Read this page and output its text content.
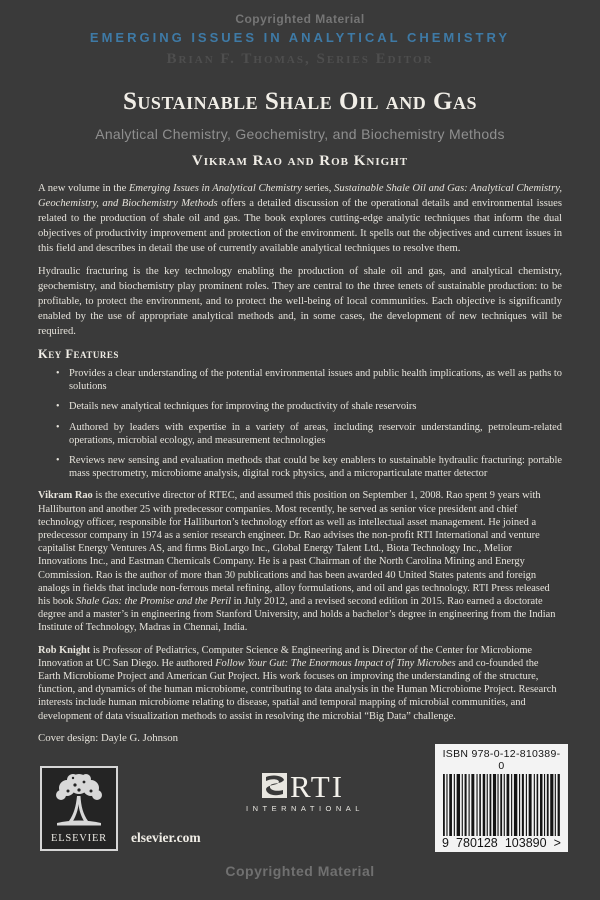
Copyrighted Material
EMERGING ISSUES IN ANALYTICAL CHEMISTRY
Brian F. Thomas, Series Editor
Sustainable Shale Oil and Gas
Analytical Chemistry, Geochemistry, and Biochemistry Methods
Vikram Rao and Rob Knight

A new volume in the Emerging Issues in Analytical Chemistry series, Sustainable Shale Oil and Gas: Analytical Chemistry, Geochemistry, and Biochemistry Methods offers a detailed discussion of the operational details and environmental issues related to the production of shale oil and gas. The book explores cutting-edge analytic techniques that inform the dual objectives of productivity improvement and protection of the environment. It spells out the objectives and current issues in this field and describes in detail the use of currently available analytical techniques to resolve them.

Hydraulic fracturing is the key technology enabling the production of shale oil and gas, and analytical chemistry, geochemistry, and biochemistry play prominent roles. They are central to the three tenets of sustainable production: to be profitable, to protect the environment, and to protect the well-being of local communities. Each objective is significantly enabled by the use of appropriate analytical methods and, in some cases, the development of new techniques will be required.

Key Features
• Provides a clear understanding of the potential environmental issues and public health implications, as well as paths to solutions
• Details new analytical techniques for improving the productivity of shale reservoirs
• Authored by leaders with expertise in a variety of areas, including reservoir understanding, petroleum-related operations, microbial ecology, and measurement technologies
• Reviews new sensing and evaluation methods that could be key enablers to sustainable hydraulic fracturing: portable mass spectrometry, microbiome analysis, digital rock physics, and a microparticulate matter detector

Vikram Rao is the executive director of RTEC, and assumed this position on September 1, 2008. Rao spent 9 years with Halliburton and another 25 with predecessor companies. Most recently, he served as senior vice president and chief technology officer, responsible for Halliburton’s technology effort as well as intellectual asset management. He joined a predecessor company in 1974 as a senior research engineer. Dr. Rao advises the non-profit RTI International and venture capitalist Energy Ventures AS, and firms BioLargo Inc., Global Energy Talent Ltd., Biota Technology Inc., Melior Innovations Inc., and Eastman Chemicals Company. He is a past Chairman of the North Carolina Mining and Energy Commission. Rao is the author of more than 30 publications and has been awarded 40 United States patents and foreign analogs in fields that include non-ferrous metal refining, alloy formulations, and oil and gas technology. RTI Press released his book Shale Gas: the Promise and the Peril in July 2012, and a revised second edition in 2015. Rao earned a doctorate degree and a master’s in engineering from Stanford University, and holds a bachelor’s degree in engineering from the Indian Institute of Technology, Madras in Chennai, India.

Rob Knight is Professor of Pediatrics, Computer Science & Engineering and is Director of the Center for Microbiome Innovation at UC San Diego. He authored Follow Your Gut: The Enormous Impact of Tiny Microbes and co-founded the Earth Microbiome Project and American Gut Project. His work focuses on improving the understanding of the structure, function, and dynamics of the human microbiome, contributing to data analysis in the Human Microbiome Project. Research interests include human microbiome relating to disease, spatial and temporal mapping of microbial communities, and development of data visualization methods to assist in resolving the microbial “Big Data” challenge.

Cover design: Dayle G. Johnson

ELSEVIER	elsevier.com
RTI
INTERNATIONAL
ISBN 978-0-12-810389-0
9 780128 103890 >
Copyrighted Material
